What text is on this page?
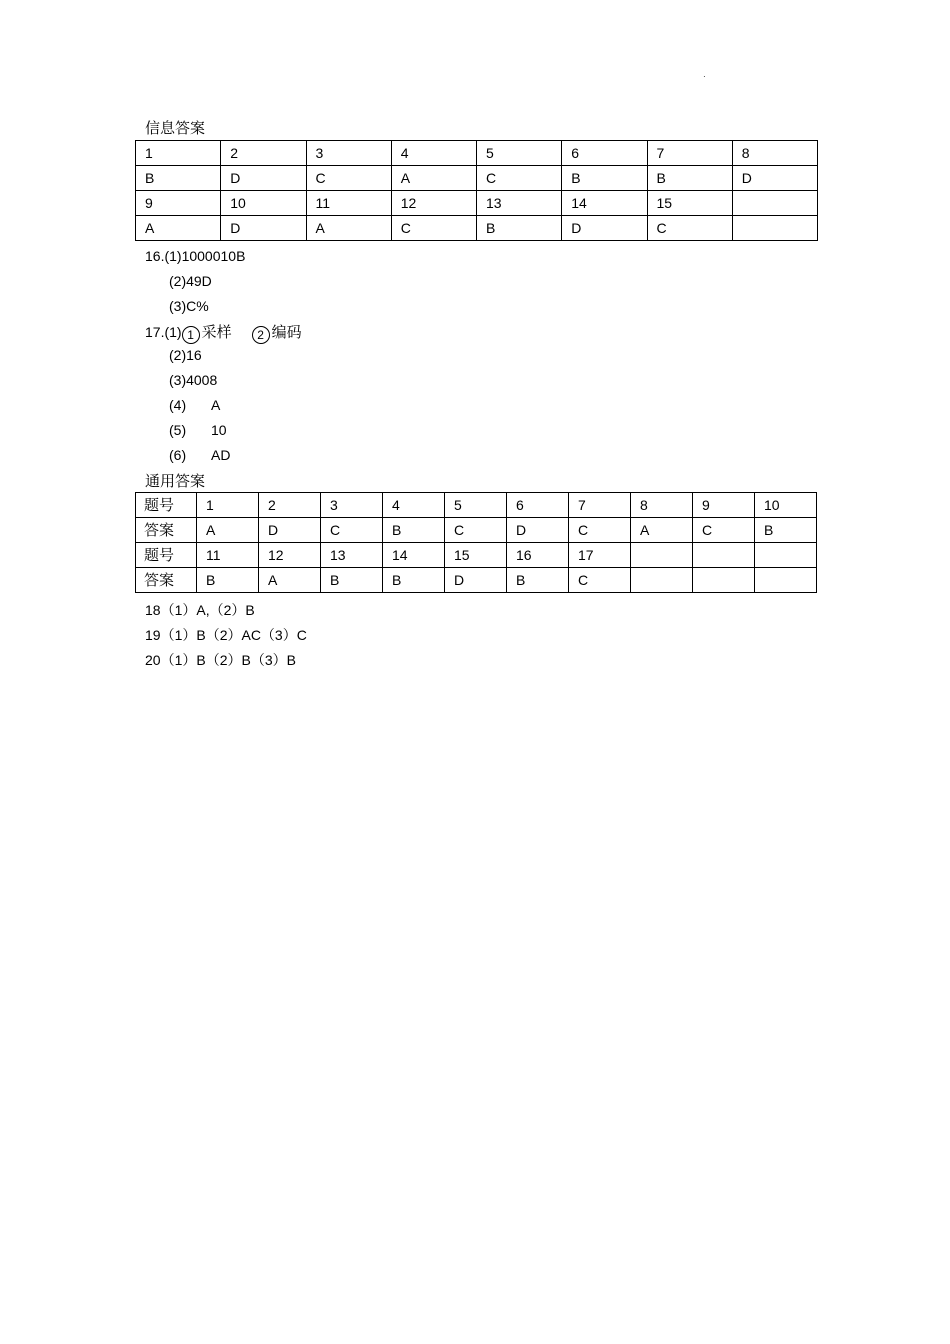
·
信息答案
1	2	3	4	5	6	7	8
B	D	C	A	C	B	B	D
9	10	11	12	13	14	15	
A	D	A	C	B	D	C	
16.(1)1000010B
(2)49D
(3)C%
17.(1) 1 采样 2 编码
(2)16
(3)4008
(4) A
(5) 10
(6) AD
通用答案
题号	1	2	3	4	5	6	7	8	9	10
答案	A	D	C	B	C	D	C	A	C	B
题号	11	12	13	14	15	16	17			
答案	B	A	B	B	D	B	C			
18（1）A,（2）B
19（1）B（2）AC（3）C
20（1）B（2）B（3）B
